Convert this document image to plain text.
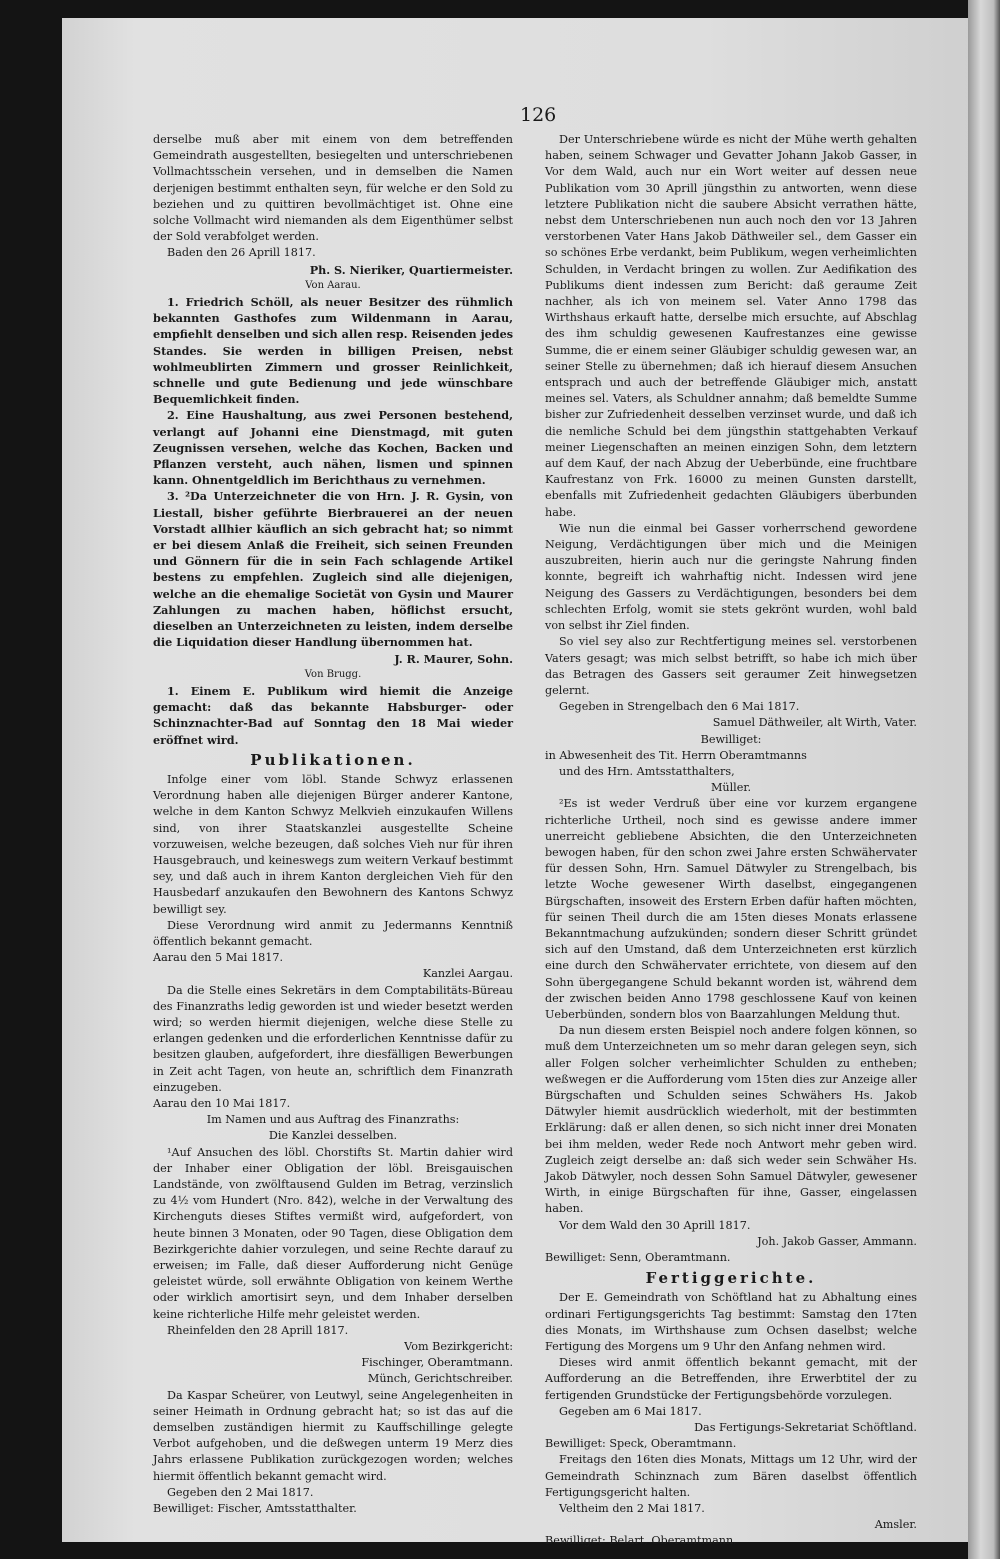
126

derselbe muß aber mit einem von dem betreffenden Gemeindrath ausgestellten, besiegelten und unterschriebenen Vollmachtsschein versehen, und in demselben die Namen derjenigen bestimmt enthalten seyn, für welche er den Sold zu beziehen und zu quittiren bevollmächtiget ist. Ohne eine solche Vollmacht wird niemanden als dem Eigenthümer selbst der Sold verabfolget werden.

Baden den 26 Aprill 1817.

Ph. S. Nieriker, Quartiermeister.

Von Aarau.

1. Friedrich Schöll, als neuer Besitzer des rühmlich bekannten Gasthofes zum Wildenmann in Aarau, empfiehlt denselben und sich allen resp. Reisenden jedes Standes. Sie werden in billigen Preisen, nebst wohlmeublirten Zimmern und grosser Reinlichkeit, schnelle und gute Bedienung und jede wünschbare Bequemlichkeit finden.

2. Eine Haushaltung, aus zwei Personen bestehend, verlangt auf Johanni eine Dienstmagd, mit guten Zeugnissen versehen, welche das Kochen, Backen und Pflanzen versteht, auch nähen, lismen und spinnen kann. Ohnentgeldlich im Berichthaus zu vernehmen.

3. ²Da Unterzeichneter die von Hrn. J. R. Gysin, von Liestall, bisher geführte Bierbrauerei an der neuen Vorstadt allhier käuflich an sich gebracht hat; so nimmt er bei diesem Anlaß die Freiheit, sich seinen Freunden und Gönnern für die in sein Fach schlagende Artikel bestens zu empfehlen. Zugleich sind alle diejenigen, welche an die ehemalige Societät von Gysin und Maurer Zahlungen zu machen haben, höflichst ersucht, dieselben an Unterzeichneten zu leisten, indem derselbe die Liquidation dieser Handlung übernommen hat.

J. R. Maurer, Sohn.

Von Brugg.

1. Einem E. Publikum wird hiemit die Anzeige gemacht: daß das bekannte Habsburger- oder Schinznachter-Bad auf Sonntag den 18 Mai wieder eröffnet wird.

Publikationen.

Infolge einer vom löbl. Stande Schwyz erlassenen Verordnung haben alle diejenigen Bürger anderer Kantone, welche in dem Kanton Schwyz Melkvieh einzukaufen Willens sind, von ihrer Staatskanzlei ausgestellte Scheine vorzuweisen, welche bezeugen, daß solches Vieh nur für ihren Hausgebrauch, und keineswegs zum weitern Verkauf bestimmt sey, und daß auch in ihrem Kanton dergleichen Vieh für den Hausbedarf anzukaufen den Bewohnern des Kantons Schwyz bewilligt sey.

Diese Verordnung wird anmit zu Jedermanns Kenntniß öffentlich bekannt gemacht.

Aarau den 5 Mai 1817.

Kanzlei Aargau.

Da die Stelle eines Sekretärs in dem Comptabilitäts-Büreau des Finanzraths ledig geworden ist und wieder besetzt werden wird; so werden hiermit diejenigen, welche diese Stelle zu erlangen gedenken und die erforderlichen Kenntnisse dafür zu besitzen glauben, aufgefordert, ihre diesfälligen Bewerbungen in Zeit acht Tagen, von heute an, schriftlich dem Finanzrath einzugeben.

Aarau den 10 Mai 1817.

Im Namen und aus Auftrag des Finanzraths:

Die Kanzlei desselben.

¹Auf Ansuchen des löbl. Chorstifts St. Martin dahier wird der Inhaber einer Obligation der löbl. Breisgauischen Landstände, von zwölftausend Gulden im Betrag, verzinslich zu 4½ vom Hundert (Nro. 842), welche in der Verwaltung des Kirchenguts dieses Stiftes vermißt wird, aufgefordert, von heute binnen 3 Monaten, oder 90 Tagen, diese Obligation dem Bezirkgerichte dahier vorzulegen, und seine Rechte darauf zu erweisen; im Falle, daß dieser Aufforderung nicht Genüge geleistet würde, soll erwähnte Obligation von keinem Werthe oder wirklich amortisirt seyn, und dem Inhaber derselben keine richterliche Hilfe mehr geleistet werden.

Rheinfelden den 28 Aprill 1817.

Vom Bezirkgericht:

Fischinger, Oberamtmann.

Münch, Gerichtschreiber.

Da Kaspar Scheürer, von Leutwyl, seine Angelegenheiten in seiner Heimath in Ordnung gebracht hat; so ist das auf die demselben zuständigen hiermit zu Kauffschillinge gelegte Verbot aufgehoben, und die deßwegen unterm 19 Merz dies Jahrs erlassene Publikation zurückgezogen worden; welches hiermit öffentlich bekannt gemacht wird.

Gegeben den 2 Mai 1817.

Bewilliget: Fischer, Amtsstatthalter.

Der Unterschriebene würde es nicht der Mühe werth gehalten haben, seinem Schwager und Gevatter Johann Jakob Gasser, in Vor dem Wald, auch nur ein Wort weiter auf dessen neue Publikation vom 30 Aprill jüngsthin zu antworten, wenn diese letztere Publikation nicht die saubere Absicht verrathen hätte, nebst dem Unterschriebenen nun auch noch den vor 13 Jahren verstorbenen Vater Hans Jakob Däthweiler sel., dem Gasser ein so schönes Erbe verdankt, beim Publikum, wegen verheimlichten Schulden, in Verdacht bringen zu wollen. Zur Aedifikation des Publikums dient indessen zum Bericht: daß geraume Zeit nachher, als ich von meinem sel. Vater Anno 1798 das Wirthshaus erkauft hatte, derselbe mich ersuchte, auf Abschlag des ihm schuldig gewesenen Kaufrestanzes eine gewisse Summe, die er einem seiner Gläubiger schuldig gewesen war, an seiner Stelle zu übernehmen; daß ich hierauf diesem Ansuchen entsprach und auch der betreffende Gläubiger mich, anstatt meines sel. Vaters, als Schuldner annahm; daß bemeldte Summe bisher zur Zufriedenheit desselben verzinset wurde, und daß ich die nemliche Schuld bei dem jüngsthin stattgehabten Verkauf meiner Liegenschaften an meinen einzigen Sohn, dem letztern auf dem Kauf, der nach Abzug der Ueberbünde, eine fruchtbare Kaufrestanz von Frk. 16000 zu meinen Gunsten darstellt, ebenfalls mit Zufriedenheit gedachten Gläubigers überbunden habe.

Wie nun die einmal bei Gasser vorherrschend gewordene Neigung, Verdächtigungen über mich und die Meinigen auszubreiten, hierin auch nur die geringste Nahrung finden konnte, begreift ich wahrhaftig nicht. Indessen wird jene Neigung des Gassers zu Verdächtigungen, besonders bei dem schlechten Erfolg, womit sie stets gekrönt wurden, wohl bald von selbst ihr Ziel finden.

So viel sey also zur Rechtfertigung meines sel. verstorbenen Vaters gesagt; was mich selbst betrifft, so habe ich mich über das Betragen des Gassers seit geraumer Zeit hinwegsetzen gelernt.

Gegeben in Strengelbach den 6 Mai 1817.

Samuel Däthweiler, alt Wirth, Vater.

Bewilliget:

in Abwesenheit des Tit. Herrn Oberamtmanns

und des Hrn. Amtsstatthalters,

Müller.

²Es ist weder Verdruß über eine vor kurzem ergangene richterliche Urtheil, noch sind es gewisse andere immer unerreicht gebliebene Absichten, die den Unterzeichneten bewogen haben, für den schon zwei Jahre ersten Schwähervater für dessen Sohn, Hrn. Samuel Dätwyler zu Strengelbach, bis letzte Woche gewesener Wirth daselbst, eingegangenen Bürgschaften, insoweit des Erstern Erben dafür haften möchten, für seinen Theil durch die am 15ten dieses Monats erlassene Bekanntmachung aufzukünden; sondern dieser Schritt gründet sich auf den Umstand, daß dem Unterzeichneten erst kürzlich eine durch den Schwähervater errichtete, von diesem auf den Sohn übergegangene Schuld bekannt worden ist, während dem der zwischen beiden Anno 1798 geschlossene Kauf von keinen Ueberbünden, sondern blos von Baarzahlungen Meldung thut.

Da nun diesem ersten Beispiel noch andere folgen können, so muß dem Unterzeichneten um so mehr daran gelegen seyn, sich aller Folgen solcher verheimlichter Schulden zu entheben; weßwegen er die Aufforderung vom 15ten dies zur Anzeige aller Bürgschaften und Schulden seines Schwähers Hs. Jakob Dätwyler hiemit ausdrücklich wiederholt, mit der bestimmten Erklärung: daß er allen denen, so sich nicht inner drei Monaten bei ihm melden, weder Rede noch Antwort mehr geben wird. Zugleich zeigt derselbe an: daß sich weder sein Schwäher Hs. Jakob Dätwyler, noch dessen Sohn Samuel Dätwyler, gewesener Wirth, in einige Bürgschaften für ihne, Gasser, eingelassen haben.

Vor dem Wald den 30 Aprill 1817.

Joh. Jakob Gasser, Ammann.

Bewilliget: Senn, Oberamtmann.

Fertiggerichte.

Der E. Gemeindrath von Schöftland hat zu Abhaltung eines ordinari Fertigungsgerichts Tag bestimmt: Samstag den 17ten dies Monats, im Wirthshause zum Ochsen daselbst; welche Fertigung des Morgens um 9 Uhr den Anfang nehmen wird.

Dieses wird anmit öffentlich bekannt gemacht, mit der Aufforderung an die Betreffenden, ihre Erwerbtitel der zu fertigenden Grundstücke der Fertigungsbehörde vorzulegen.

Gegeben am 6 Mai 1817.

Das Fertigungs-Sekretariat Schöftland.

Bewilliget: Speck, Oberamtmann.

Freitags den 16ten dies Monats, Mittags um 12 Uhr, wird der Gemeindrath Schinznach zum Bären daselbst öffentlich Fertigungsgericht halten.

Veltheim den 2 Mai 1817.

Amsler.

Bewilliget: Belart, Oberamtmann.
